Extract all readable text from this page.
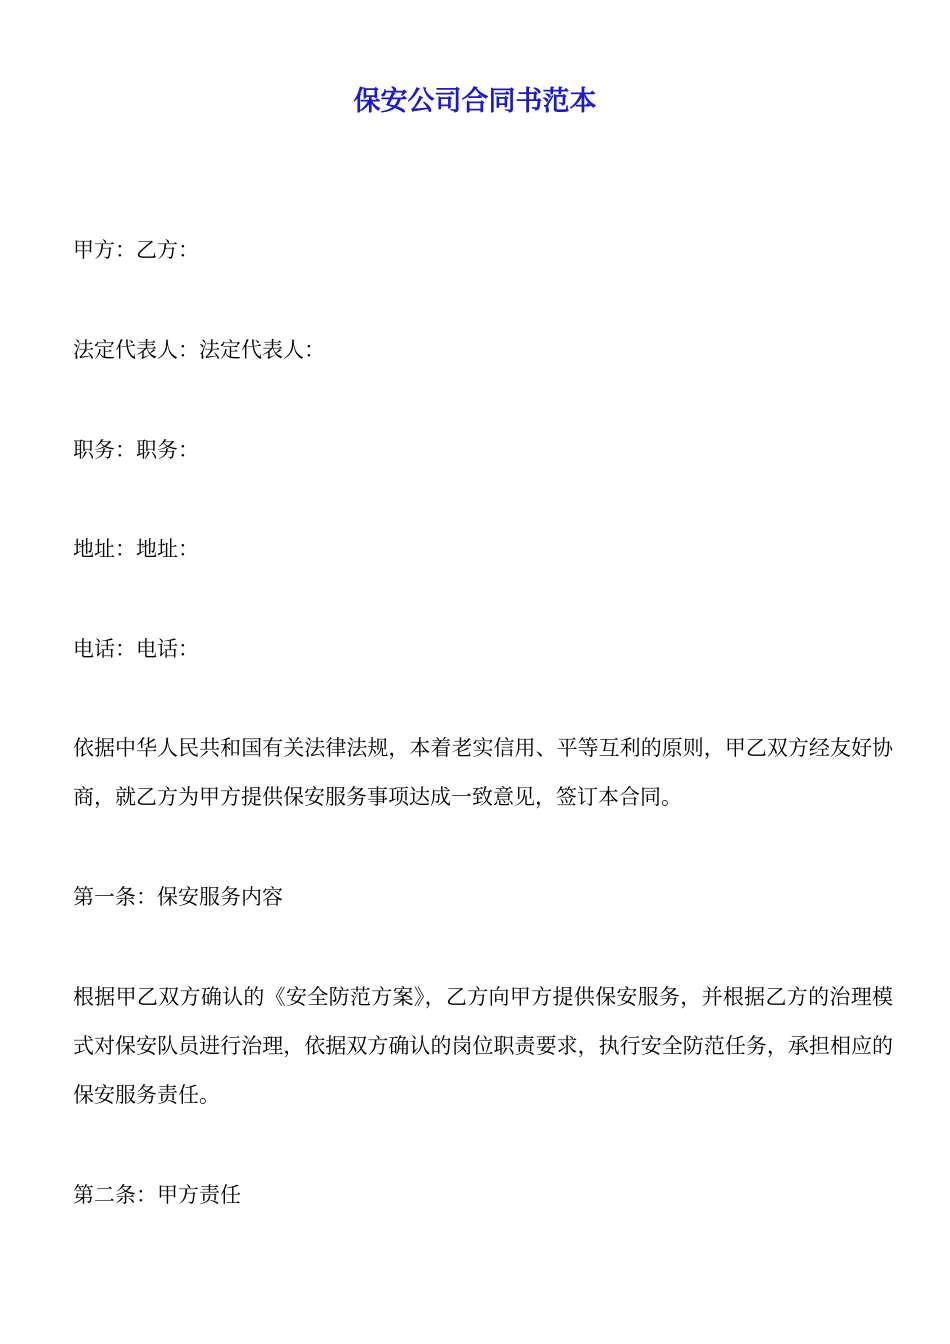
保安公司合同书范本
甲方：乙方：
法定代表人：法定代表人：
职务：职务：
地址：地址：
电话：电话：
依据中华人民共和国有关法律法规，本着老实信用、平等互利的原则，甲乙双方经友好协商，就乙方为甲方提供保安服务事项达成一致意见，签订本合同。
第一条：保安服务内容
根据甲乙双方确认的《安全防范方案》，乙方向甲方提供保安服务，并根据乙方的治理模式对保安队员进行治理，依据双方确认的岗位职责要求，执行安全防范任务，承担相应的保安服务责任。
第二条：甲方责任
